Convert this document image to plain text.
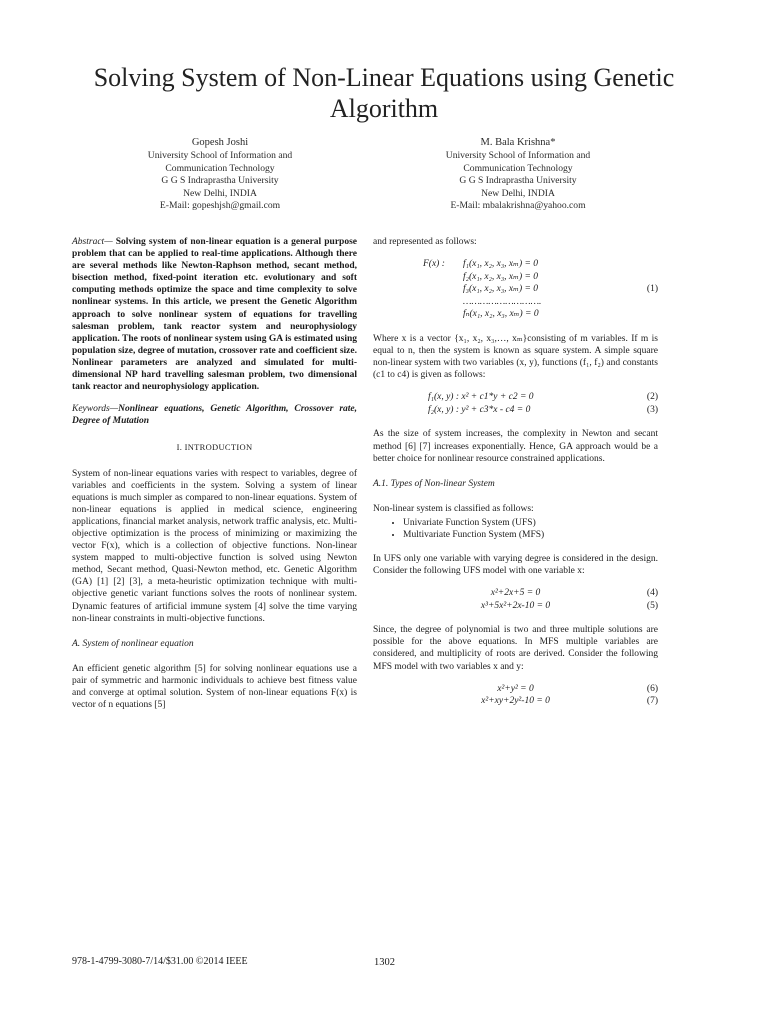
Solving System of Non-Linear Equations using Genetic Algorithm
Gopesh Joshi
University School of Information and
Communication Technology
G G S Indraprastha University
New Delhi, INDIA
E-Mail: gopeshjsh@gmail.com
M. Bala Krishna*
University School of Information and
Communication Technology
G G S Indraprastha University
New Delhi, INDIA
E-Mail: mbalakrishna@yahoo.com

Abstract— Solving system of non-linear equation is a general purpose problem that can be applied to real-time applications. Although there are several methods like Newton-Raphson method, secant method, bisection method, fixed-point iteration etc. evolutionary and soft computing methods optimize the space and time complexity to solve nonlinear systems. In this article, we present the Genetic Algorithm approach to solve nonlinear system of equations for travelling salesman problem, tank reactor system and neurophysiology application. The roots of nonlinear system using GA is estimated using population size, degree of mutation, crossover rate and coefficient size. Nonlinear parameters are analyzed and simulated for multi-dimensional NP hard travelling salesman problem, two dimensional tank reactor and neurophysiology application.

Keywords—Nonlinear equations, Genetic Algorithm, Crossover rate, Degree of Mutation

I. INTRODUCTION

System of non-linear equations varies with respect to variables, degree of variables and coefficients in the system. Solving a system of linear equations is much simpler as compared to non-linear equations. System of non-linear equations is applied in medical science, engineering applications, financial market analysis, network traffic analysis, etc. Multi-objective optimization is the process of minimizing or maximizing the vector F(x), which is a collection of objective functions. Non-linear system mapped to multi-objective function is solved using Newton method, Secant method, Quasi-Newton method, etc. Genetic Algorithm (GA) [1] [2] [3], a meta-heuristic optimization technique with multi-objective genetic variant functions solves the roots of nonlinear system. Dynamic features of artificial immune system [4] solve the time varying non-linear constraints in multi-objective functions.

A. System of nonlinear equation

An efficient genetic algorithm [5] for solving nonlinear equations use a pair of symmetric and harmonic individuals to achieve best fitness value and converge at optimal solution. System of non-linear equations F(x) is vector of n equations [5]

and represented as follows:

F(x) : f₁(x₁, x₂, x₃, xₘ) = 0
f₂(x₁, x₂, x₃, xₘ) = 0
f₃(x₁, x₂, x₃, xₘ) = 0
……………………….
fₙ(x₁, x₂, x₃, xₘ) = 0
(1)

Where x is a vector {x₁, x₂, x₃,…, xₘ}consisting of m variables. If m is equal to n, then the system is known as square system. A simple square non-linear system with two variables (x, y), functions (f₁, f₂) and constants (c1 to c4) is given as follows:

f₁(x, y) : x² + c1*y + c2 = 0	(2)
f₂(x, y) : y² + c3*x - c4 = 0	(3)

As the size of system increases, the complexity in Newton and secant method [6] [7] increases exponentially. Hence, GA approach would be a better choice for nonlinear resource constrained applications.

A.1. Types of Non-linear System

Non-linear system is classified as follows:

• Univariate Function System (UFS)
• Multivariate Function System (MFS)

In UFS only one variable with varying degree is considered in the design. Consider the following UFS model with one variable x:

x²+2x+5 = 0	(4)
x³+5x²+2x-10 = 0	(5)

Since, the degree of polynomial is two and three multiple solutions are possible for the above equations. In MFS multiple variables are considered, and multiplicity of roots are derived. Consider the following MFS model with two variables x and y:

x²+y² = 0	(6)
x²+xy+2y²-10 = 0	(7)
978-1-4799-3080-7/14/$31.00 ©2014 IEEE	1302
